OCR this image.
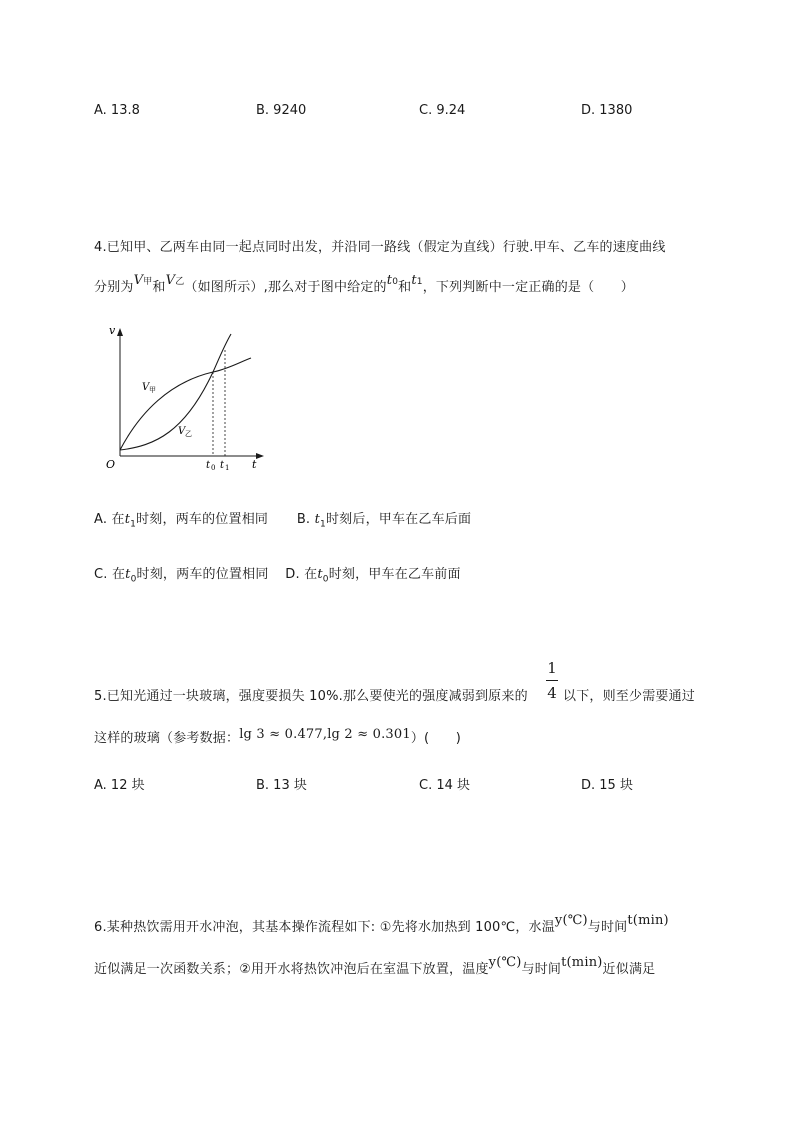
A. 13.8	B. 9240	C. 9.24	D. 1380
4.已知甲、乙两车由同一起点同时出发，并沿同一路线（假定为直线）行驶.甲车、乙车的速度曲线
分别为V甲和V乙（如图所示）,那么对于图中给定的t0和t1，下列判断中一定正确的是（　　）
v
t
O
V 甲
V 乙
t 0 t 1
A. 在$t_1$时刻，两车的位置相同 B. $t_1$时刻后，甲车在乙车后面
C. 在$t_0$时刻，两车的位置相同 D. 在$t_0$时刻，甲车在乙车前面
5.已知光通过一块玻璃，强度要损失 10%.那么要使光的强度减弱到原来的
1
4 以下，则至少需要通过
这样的玻璃（参考数据：lg 3 ≈ 0.477,lg 2 ≈ 0.301）(　　)
A. 12 块	B. 13 块	C. 14 块	D. 15 块
6.某种热饮需用开水冲泡，其基本操作流程如下: ①先将水加热到 100℃，水温y(℃)与时间t(min)
近似满足一次函数关系；②用开水将热饮冲泡后在室温下放置，温度y(℃)与时间t(min)近似满足
